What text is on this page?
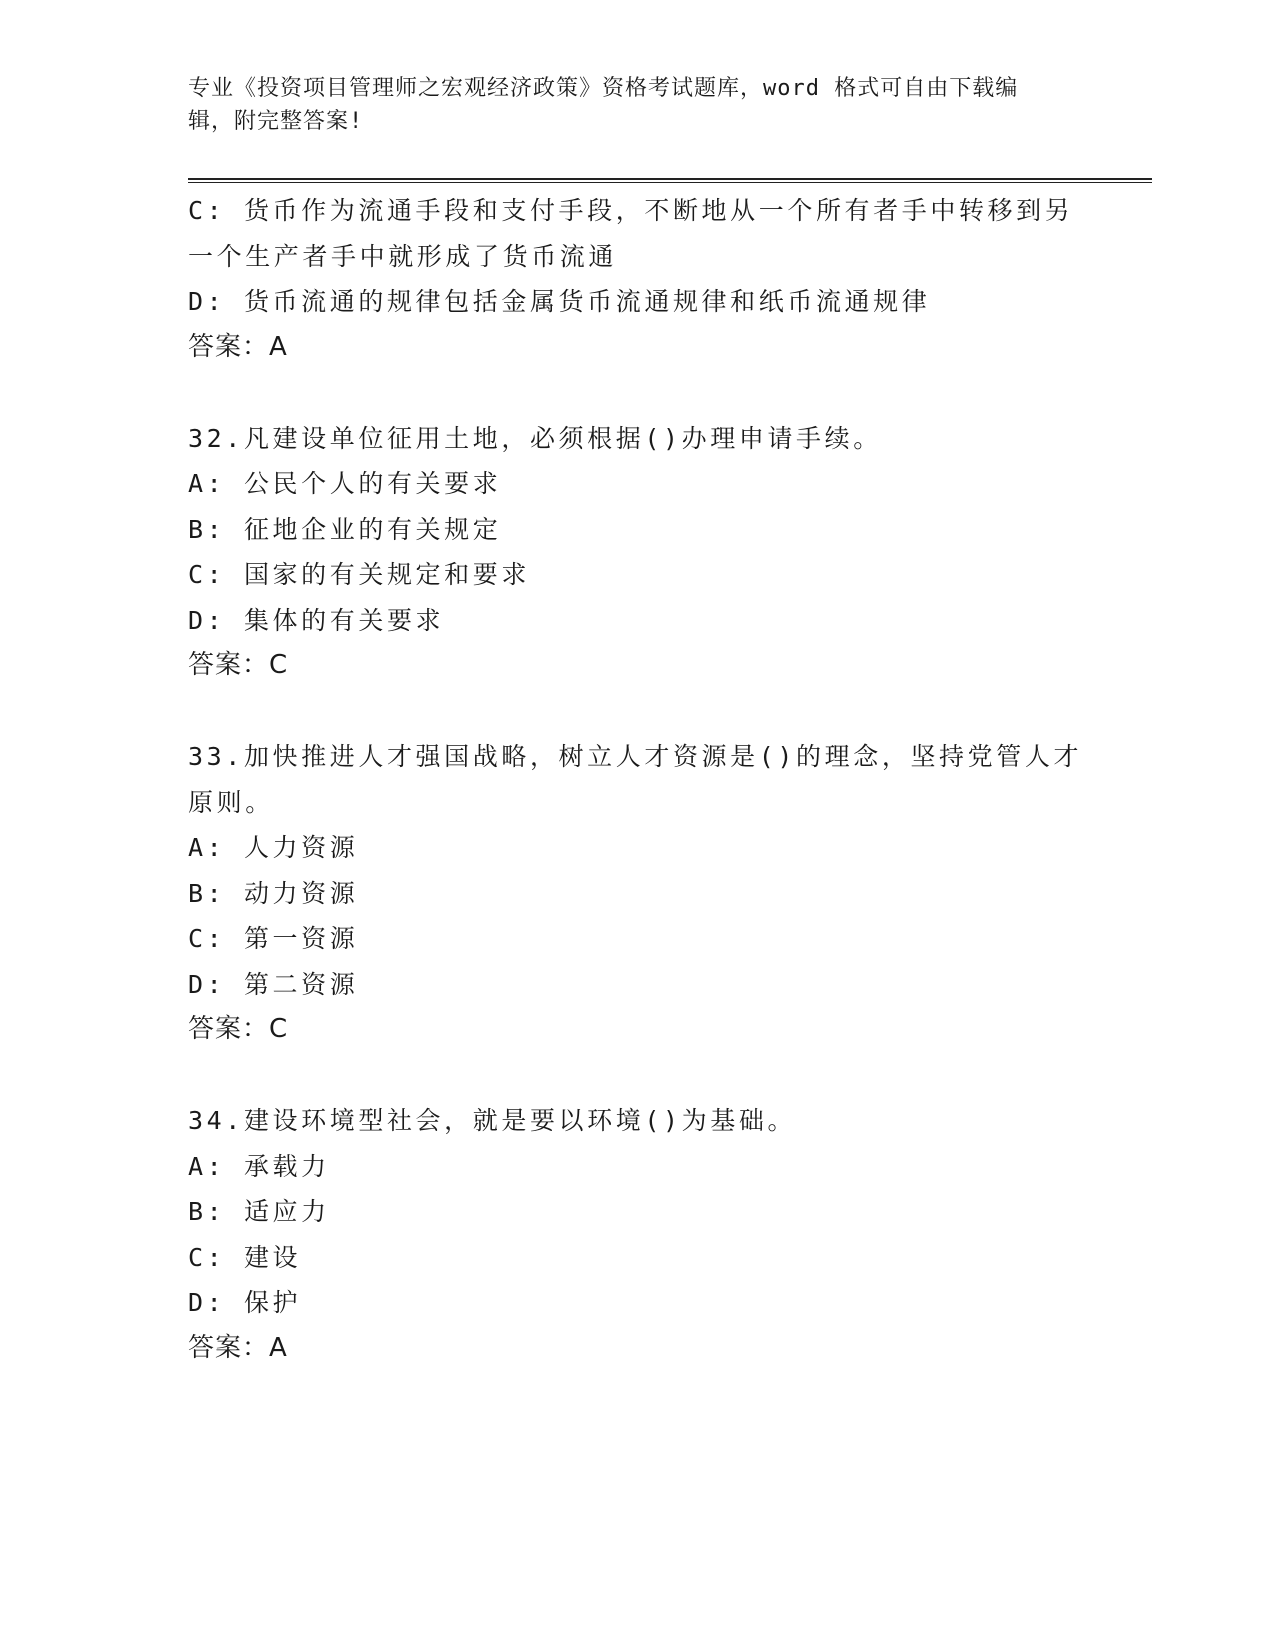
专业《投资项目管理师之宏观经济政策》资格考试题库，word 格式可自由下载编
辑，附完整答案!
C: 货币作为流通手段和支付手段，不断地从一个所有者手中转移到另
一个生产者手中就形成了货币流通
D: 货币流通的规律包括金属货币流通规律和纸币流通规律
答案：A
32.凡建设单位征用土地，必须根据()办理申请手续。
A: 公民个人的有关要求
B: 征地企业的有关规定
C: 国家的有关规定和要求
D: 集体的有关要求
答案：C
33.加快推进人才强国战略，树立人才资源是()的理念，坚持党管人才
原则。
A: 人力资源
B: 动力资源
C: 第一资源
D: 第二资源
答案：C
34.建设环境型社会，就是要以环境()为基础。
A: 承载力
B: 适应力
C: 建设
D: 保护
答案：A
